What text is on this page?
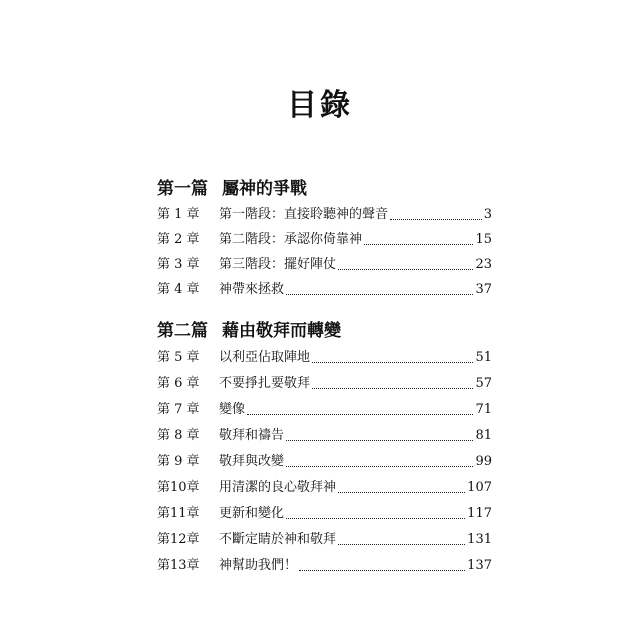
目錄
第一篇 屬神的爭戰
第 1 章	第一階段：直接聆聽神的聲音	3
第 2 章	第二階段：承認你倚靠神	15
第 3 章	第三階段：擺好陣仗	23
第 4 章	神帶來拯救	37
第二篇 藉由敬拜而轉變
第 5 章	以利亞佔取陣地	51
第 6 章	不要掙扎要敬拜	57
第 7 章	變像	71
第 8 章	敬拜和禱告	81
第 9 章	敬拜與改變	99
第10章	用清潔的良心敬拜神	107
第11章	更新和變化	117
第12章	不斷定睛於神和敬拜	131
第13章	神幫助我們！	137
